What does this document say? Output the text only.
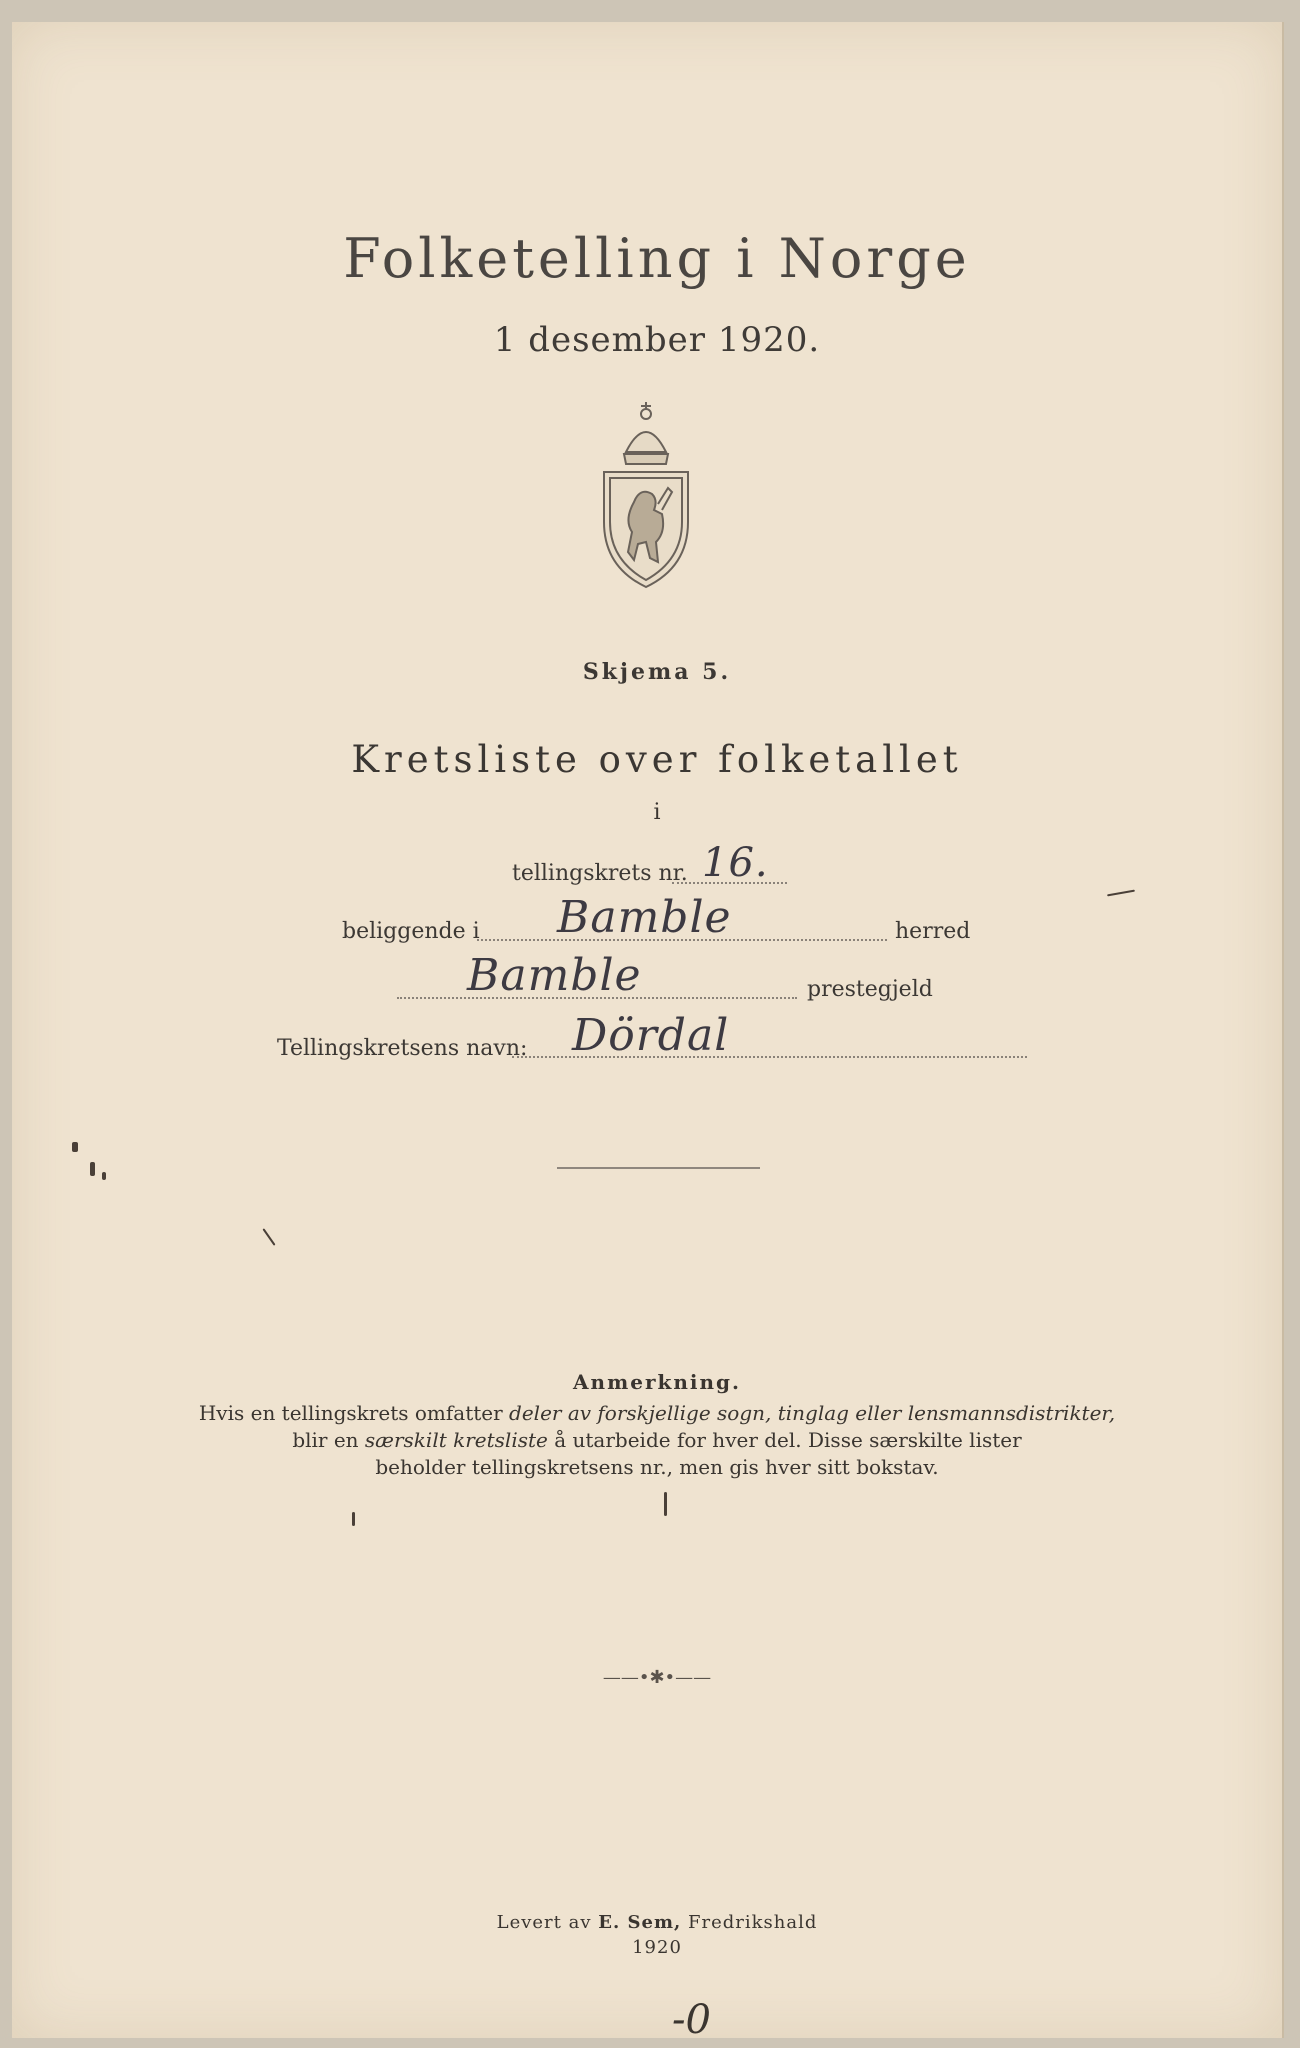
Folketelling i Norge
1 desember 1920.
Skjema 5.
Kretsliste over folketallet
i
tellingskrets nr. 16.
beliggende i Bamble	herred
Bamble	prestegjeld
Tellingskretsens navn: Dördal
Anmerkning.
Hvis en tellingskrets omfatter deler av forskjellige sogn, tinglag eller lensmannsdistrikter,
blir en særskilt kretsliste å utarbeide for hver del. Disse særskilte lister
beholder tellingskretsens nr., men gis hver sitt bokstav.
——•✱•——
Levert av E. Sem, Fredrikshald
1920
-0
